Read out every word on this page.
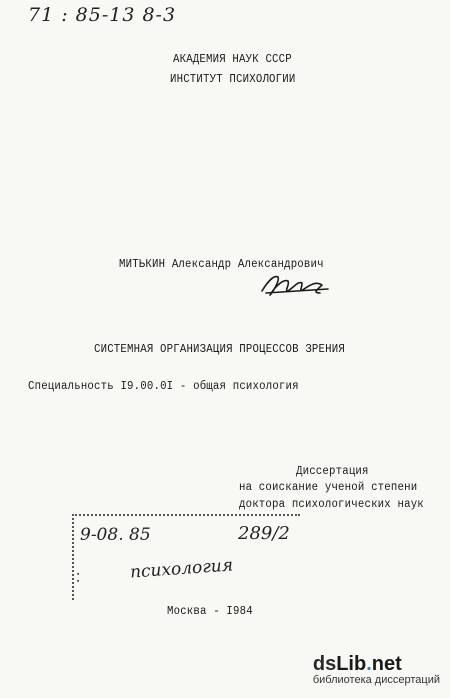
71 : 85-13 8-3
АКАДЕМИЯ НАУК СССР
ИНСТИТУТ ПСИХОЛОГИИ
МИТЬКИН Александр Александрович
СИСТЕМНАЯ ОРГАНИЗАЦИЯ ПРОЦЕССОВ ЗРЕНИЯ
Специальность I9.00.0I - общая психология
Диссертация
на соискание ученой степени
доктора психологических наук
9-08. 85	289/2
психология
▪
▪
Москва - I984
dsLib.net
библиотека диссертаций
